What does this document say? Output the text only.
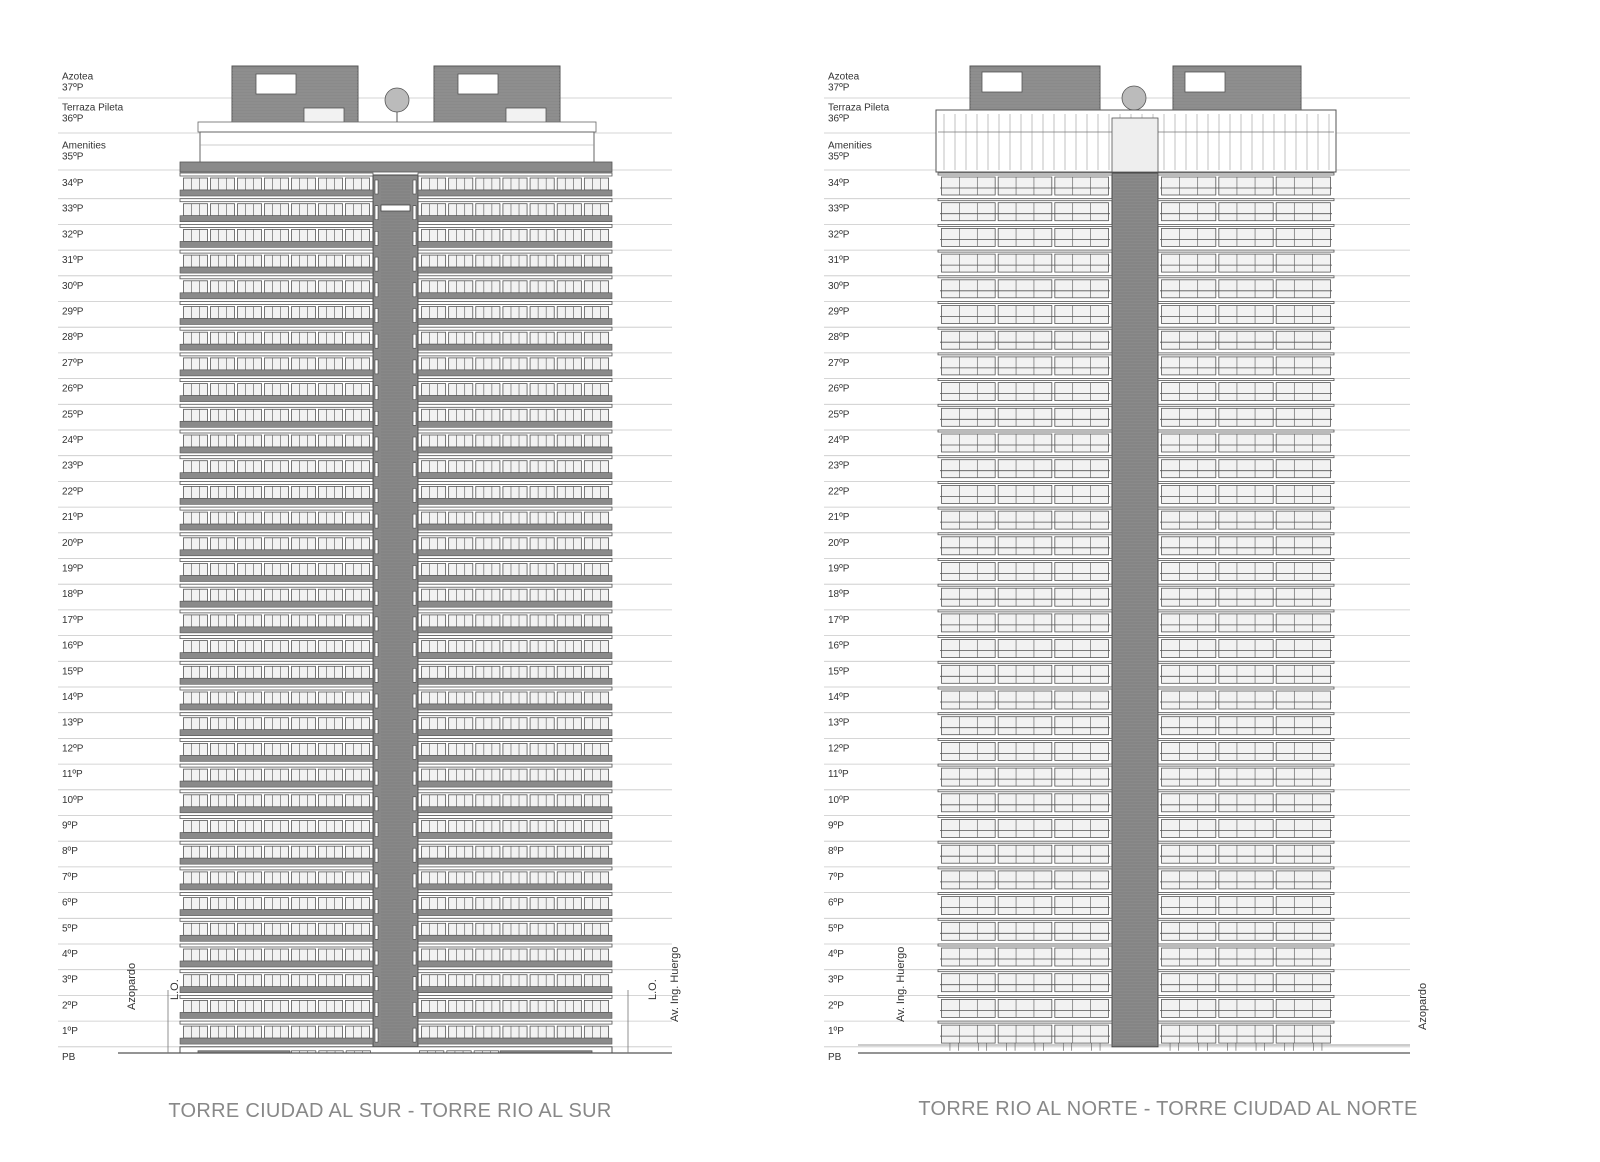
Azotea 37ºP
Terraza Pileta 36ºP
Amenities 35ºP
34ºP
33ºP
32ºP
31ºP
30ºP
29ºP
28ºP
27ºP
26ºP
25ºP
24ºP
23ºP
22ºP
21ºP
20ºP
19ºP
18ºP
17ºP
16ºP
15ºP
14ºP
13ºP
12ºP
11ºP
10ºP
9ºP
8ºP
7ºP
6ºP
5ºP
4ºP
3ºP
2ºP
1ºP
PB
Azopardo	L.O.	L.O. Av. Ing. Huergo
TORRE CIUDAD AL SUR - TORRE RIO AL SUR
Azotea 37ºP
Terraza Pileta 36ºP
Amenities 35ºP
34ºP
33ºP
32ºP
31ºP
30ºP
29ºP
28ºP
27ºP
26ºP
25ºP
24ºP
23ºP
22ºP
21ºP
20ºP
19ºP
18ºP
17ºP
16ºP
15ºP
14ºP
13ºP
12ºP
11ºP
10ºP
9ºP
8ºP
7ºP
6ºP
5ºP
4ºP
3ºP
2ºP
1ºP
PB
Av. Ing. Huergo	Azopardo
TORRE RIO AL NORTE - TORRE CIUDAD AL NORTE
